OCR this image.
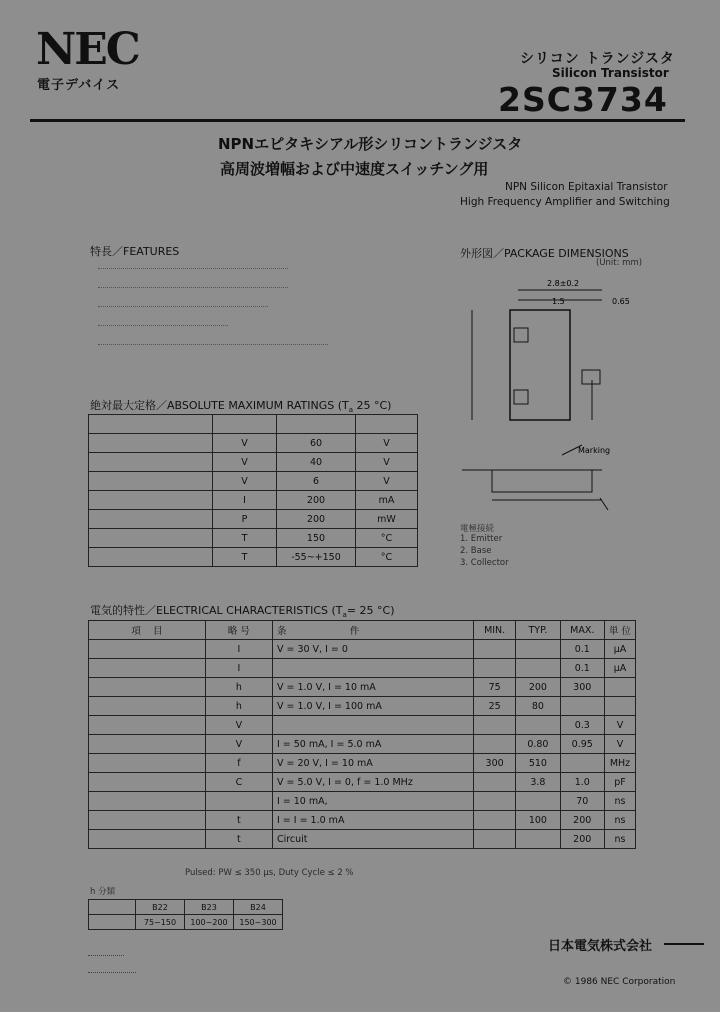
NEC
電子デバイス
シリコン トランジスタ
Silicon Transistor
2SC3734
NPNエピタキシアル形シリコントランジスタ
高周波増幅および中速度スイッチング用
NPN Silicon Epitaxial Transistor
High Frequency Amplifier and Switching
特長／FEATURES	外形図／PACKAGE DIMENSIONS
(Unit: mm)
2.8±0.2
1.5	0.65
Marking
電極接続
1. Emitter
2. Base
3. Collector
絶対最大定格／ABSOLUTE MAXIMUM RATINGS ($T_a$ 25 °C)

	V	60	V
	V	40	V
	V	6	V
	I	200	mA
	P	200	mW
	T	150	°C
	T	-55~+150	°C
電気的特性／ELECTRICAL CHARACTERISTICS ($T_a= 25$ °C)
項 目	略 号	条 件	MIN.	TYP.	MAX.	単 位
	I	V = 30 V, I = 0			0.1	μA
	I				0.1	μA
	h	V = 1.0 V, I = 10 mA	75	200	300	
	h	V = 1.0 V, I = 100 mA	25	80		
	V				0.3	V
	V	I = 50 mA, I = 5.0 mA		0.80	0.95	V
	f	V = 20 V, I = 10 mA	300	510		MHz
	C	V = 5.0 V, I = 0, f = 1.0 MHz		3.8	1.0	pF
		I = 10 mA,			70	ns
	t	I = I = 1.0 mA		100	200	ns
	t	Circuit			200	ns
Pulsed: PW ≤ 350 μs, Duty Cycle ≤ 2 %
h 分類
	B22	B23	B24
	75~150	100~200	150~300
日本電気株式会社
© 1986 NEC Corporation
